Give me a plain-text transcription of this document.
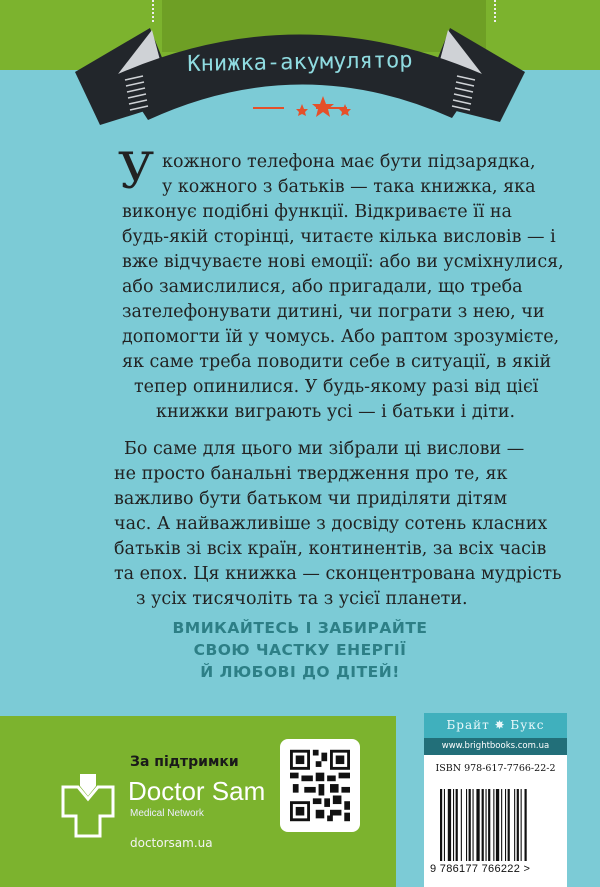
Книжка-акумулятор
У кожного телефона має бути підзарядка,
у кожного з батьків — така книжка, яка
виконує подібні функції. Відкриваєте її на
будь-якій сторінці, читаєте кілька висловів — і
вже відчуваєте нові емоції: або ви усміхнулися,
або замислилися, або пригадали, що треба
зателефонувати дитині, чи пограти з нею, чи
допомогти їй у чомусь. Або раптом зрозумієте,
як саме треба поводити себе в ситуації, в якій
тепер опинилися. У будь-якому разі від цієї
книжки виграють усі — і батьки і діти.
Бо саме для цього ми зібрали ці вислови —
не просто банальні твердження про те, як
важливо бути батьком чи приділяти дітям
час. А найважливіше з досвіду сотень класних
батьків зі всіх країн, континентів, за всіх часів
та епох. Ця книжка — сконцентрована мудрість
з усіх тисячоліть та з усієї планети.
ВМИКАЙТЕСЬ І ЗАБИРАЙТЕ
СВОЮ ЧАСТКУ ЕНЕРГІЇ
Й ЛЮБОВІ ДО ДІТЕЙ!
За підтримки
Doctor Sam
Medical Network
doctorsam.ua
Брайт ✸ Букс
www.brightbooks.com.ua
ISBN 978-617-7766-22-2
9 786177 766222 >
